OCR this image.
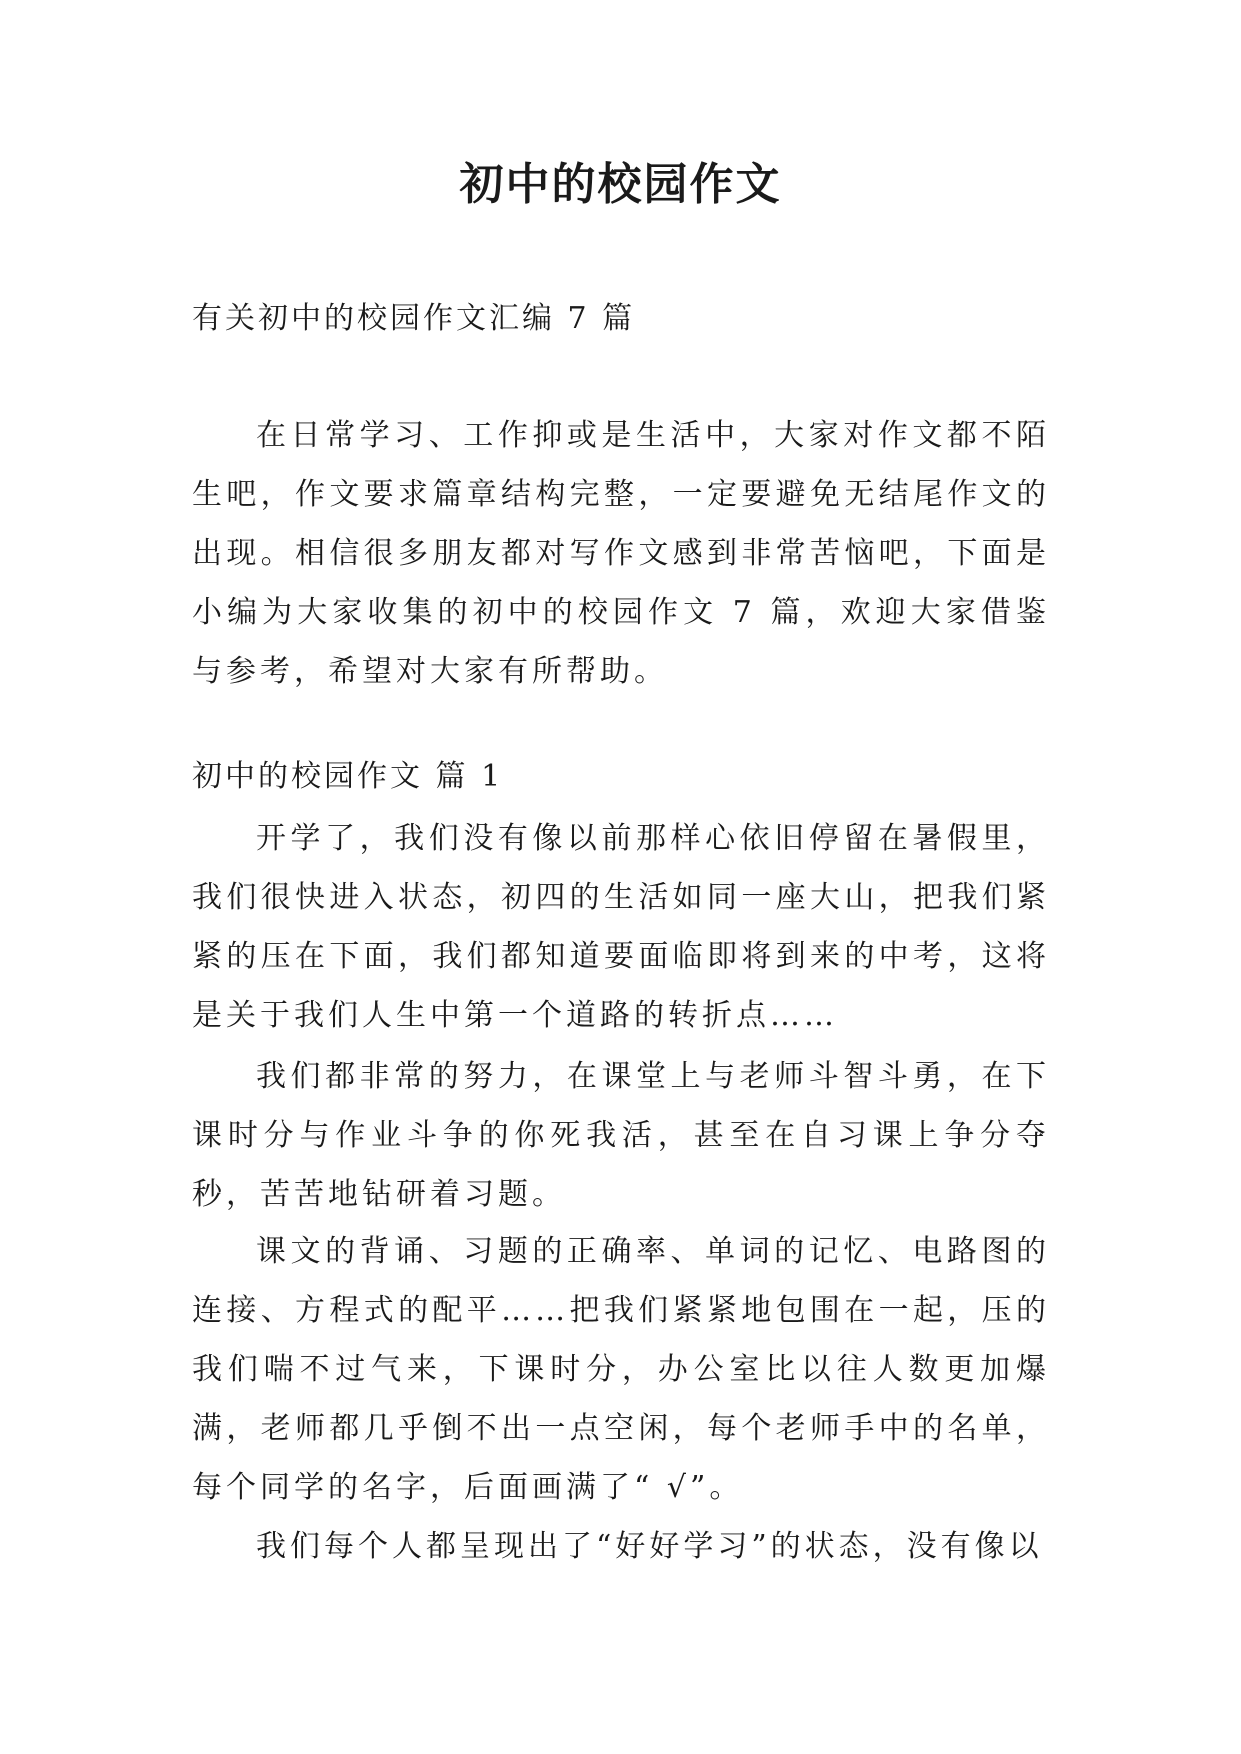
初中的校园作文

有关初中的校园作文汇编 7 篇

在日常学习、工作抑或是生活中，大家对作文都不陌生吧，作文要求篇章结构完整，一定要避免无结尾作文的出现。相信很多朋友都对写作文感到非常苦恼吧，下面是小编为大家收集的初中的校园作文 7 篇，欢迎大家借鉴与参考，希望对大家有所帮助。

初中的校园作文 篇 1

开学了，我们没有像以前那样心依旧停留在暑假里，我们很快进入状态，初四的生活如同一座大山，把我们紧紧的压在下面，我们都知道要面临即将到来的中考，这将是关于我们人生中第一个道路的转折点……

我们都非常的努力，在课堂上与老师斗智斗勇，在下课时分与作业斗争的你死我活，甚至在自习课上争分夺秒，苦苦地钻研着习题。

课文的背诵、习题的正确率、单词的记忆、电路图的连接、方程式的配平……把我们紧紧地包围在一起，压的我们喘不过气来，下课时分，办公室比以往人数更加爆满，老师都几乎倒不出一点空闲，每个老师手中的名单，每个同学的名字，后面画满了“ √”。

我们每个人都呈现出了“好好学习”的状态，没有像以
